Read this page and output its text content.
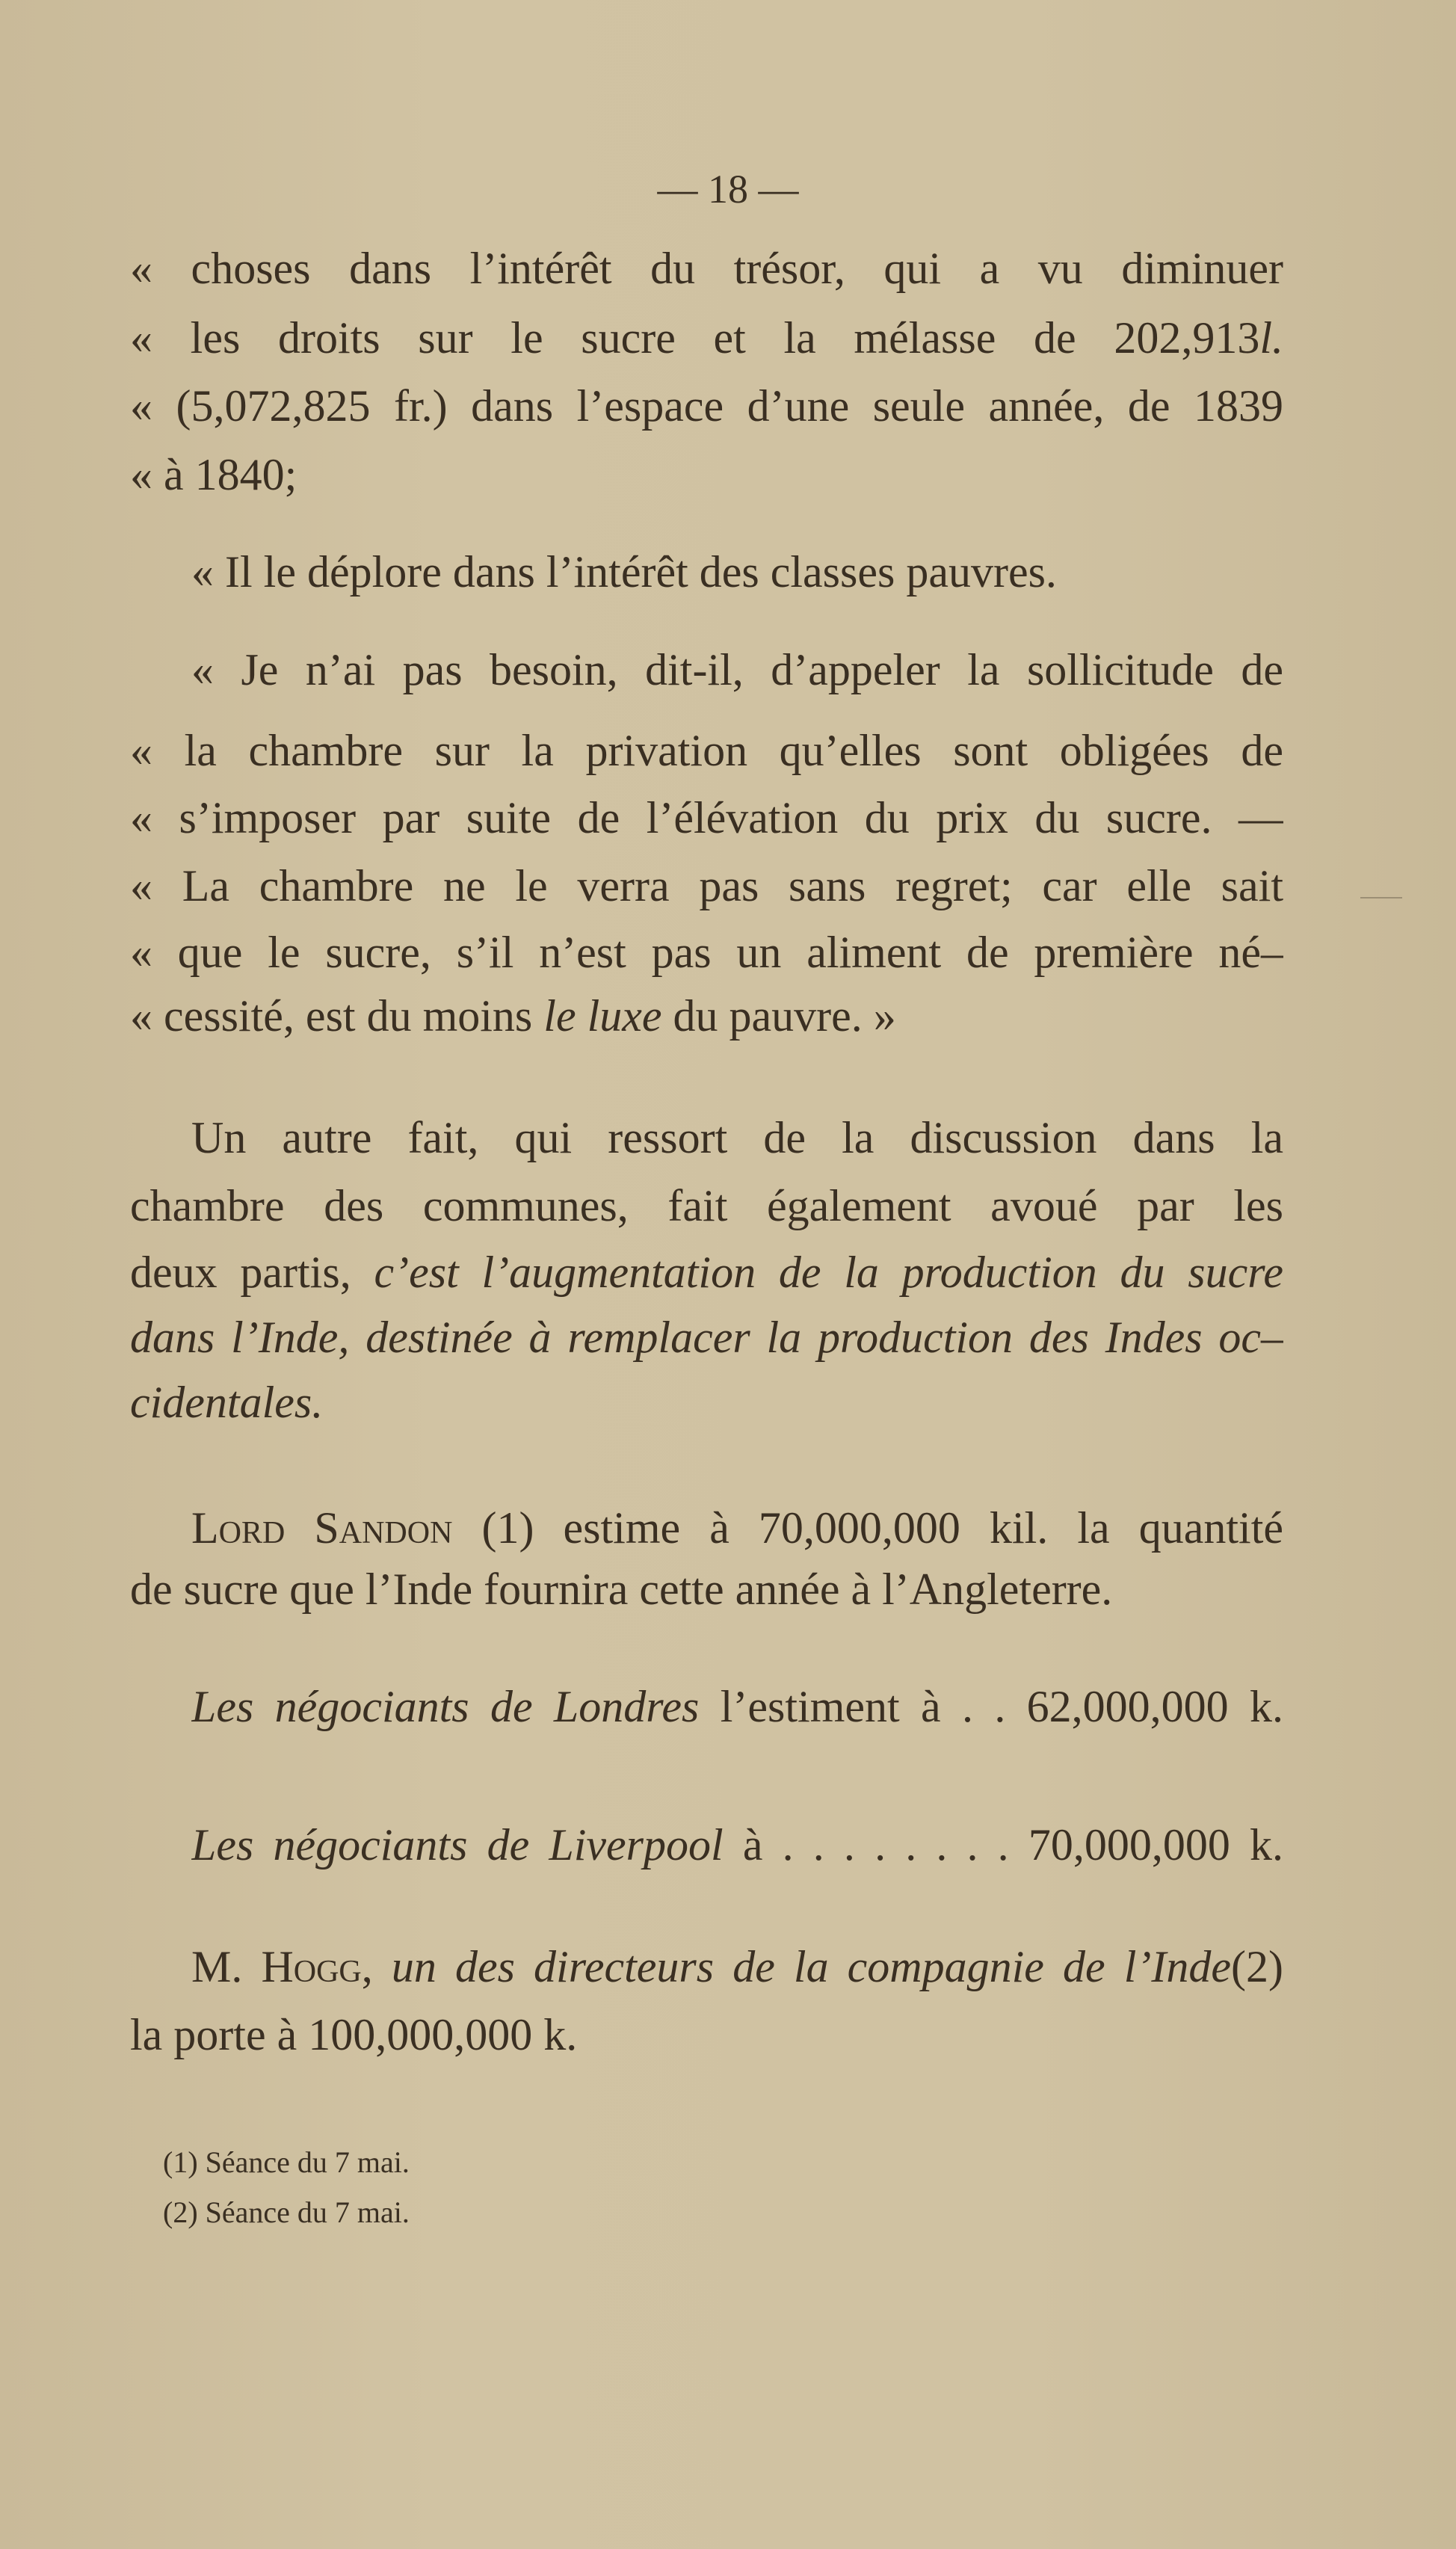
— 18 —
« choses dans l’intérêt du trésor, qui a vu diminuer
« les droits sur le sucre et la mélasse de 202,913l.
« (5,072,825 fr.) dans l’espace d’une seule année, de 1839
« à 1840;
« Il le déplore dans l’intérêt des classes pauvres.
« Je n’ai pas besoin, dit-il, d’appeler la sollicitude de
« la chambre sur la privation qu’elles sont obligées de
« s’imposer par suite de l’élévation du prix du sucre. —
« La chambre ne le verra pas sans regret; car elle sait
« que le sucre, s’il n’est pas un aliment de première né–
« cessité, est du moins le luxe du pauvre. »
Un autre fait, qui ressort de la discussion dans la
chambre des communes, fait également avoué par les
deux partis, c’est l’augmentation de la production du sucre
dans l’Inde, destinée à remplacer la production des Indes oc–
cidentales.
Lord Sandon (1) estime à 70,000,000 kil. la quantité
de sucre que l’Inde fournira cette année à l’Angleterre.
Les négociants de Londres l’estiment à . . 62,000,000 k.
Les négociants de Liverpool à . . . . . . . . 70,000,000 k.
M. Hogg, un des directeurs de la compagnie de l’Inde(2)
la porte à 100,000,000 k.
(1) Séance du 7 mai.
(2) Séance du 7 mai.
